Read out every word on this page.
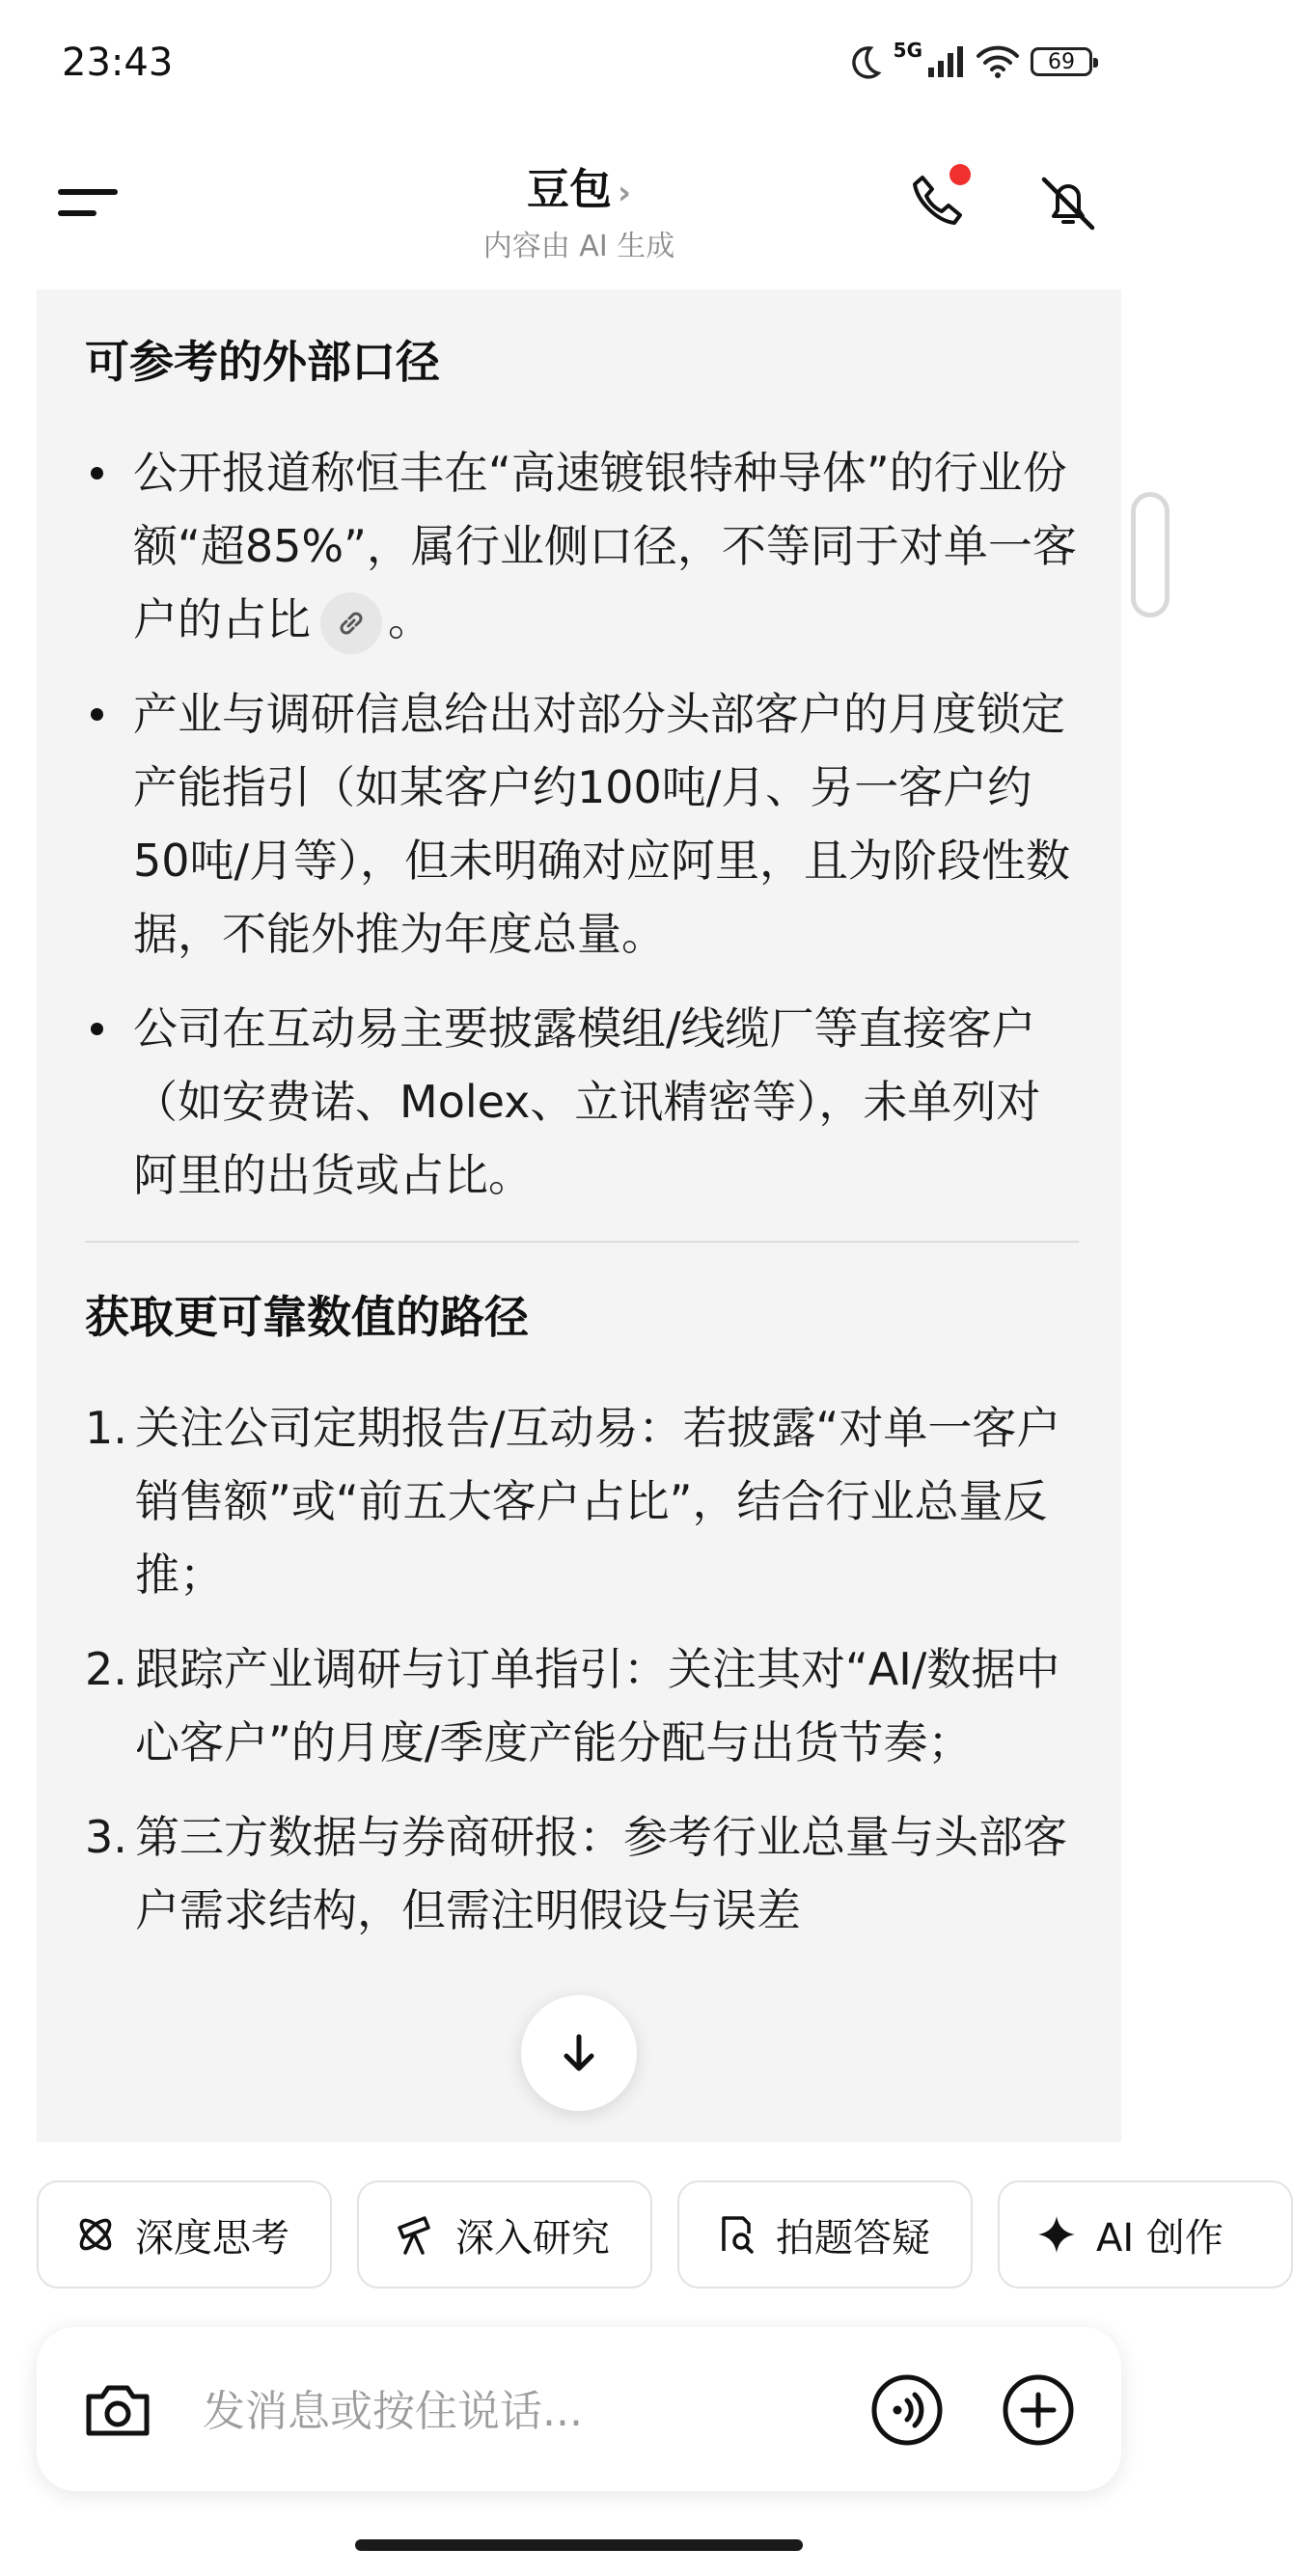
23:43	5G	69
豆包 ›
内容由 AI 生成
可参考的外部口径
公开报道称恒丰在“高速镀银特种导体”的行业份额“超85%”，属行业侧口径，不等同于对单一客户的占比 。
产业与调研信息给出对部分头部客户的月度锁定产能指引（如某客户约100吨/月、另一客户约50吨/月等），但未明确对应阿里，且为阶段性数据，不能外推为年度总量。
公司在互动易主要披露模组/线缆厂等直接客户（如安费诺、Molex、立讯精密等），未单列对阿里的出货或占比。
获取更可靠数值的路径
1. 关注公司定期报告/互动易：若披露“对单一客户销售额”或“前五大客户占比”，结合行业总量反推；
2. 跟踪产业调研与订单指引：关注其对“AI/数据中心客户”的月度/季度产能分配与出货节奏；
3. 第三方数据与券商研报：参考行业总量与头部客户需求结构，但需注明假设与误差
深度思考	深入研究	拍题答疑	AI 创作
发消息或按住说话...
